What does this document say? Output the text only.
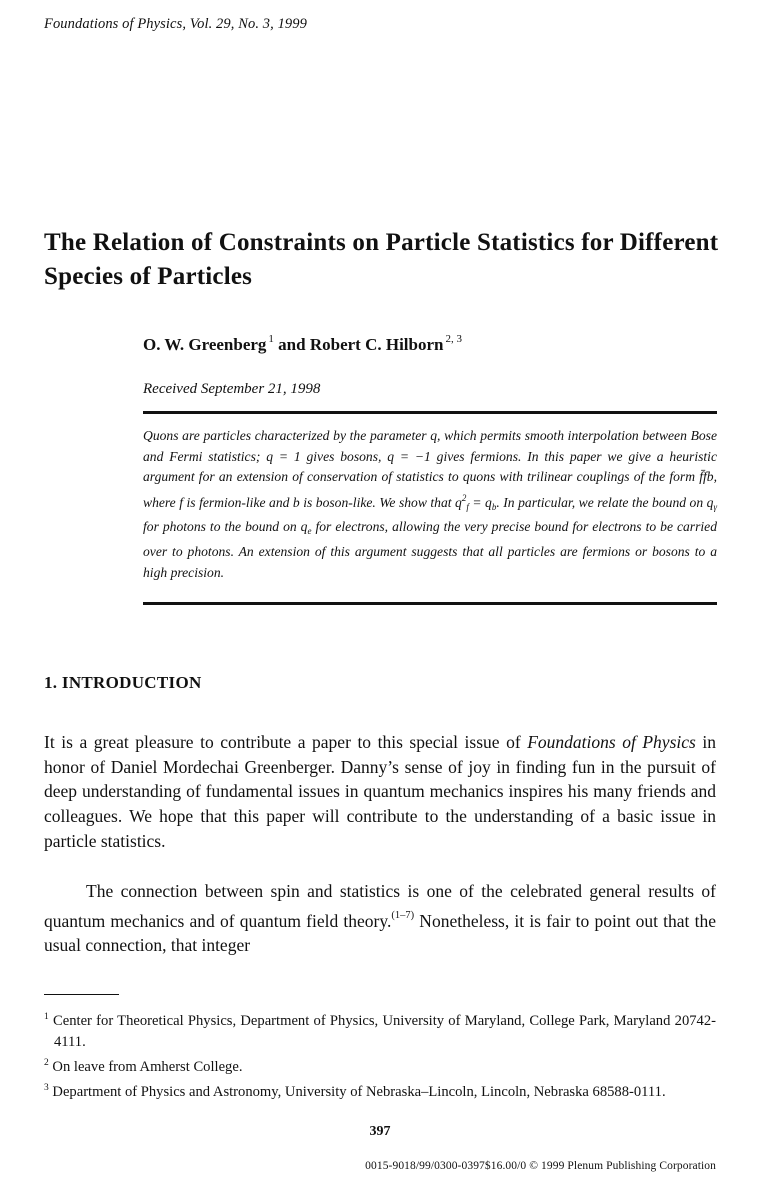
Foundations of Physics, Vol. 29, No. 3, 1999
The Relation of Constraints on Particle Statistics for Different Species of Particles
O. W. Greenberg $^1$ and Robert C. Hilborn $^{2, 3}$
Received September 21, 1998
Quons are particles characterized by the parameter q, which permits smooth interpolation between Bose and Fermi statistics; q = 1 gives bosons, q = −1 gives fermions. In this paper we give a heuristic argument for an extension of conservation of statistics to quons with trilinear couplings of the form f̄fb, where f is fermion-like and b is boson-like. We show that $q^2_f = q_b$. In particular, we relate the bound on $q_\gamma$ for photons to the bound on $q_e$ for electrons, allowing the very precise bound for electrons to be carried over to photons. An extension of this argument suggests that all particles are fermions or bosons to a high precision.
1. INTRODUCTION
It is a great pleasure to contribute a paper to this special issue of Foundations of Physics in honor of Daniel Mordechai Greenberger. Danny’s sense of joy in finding fun in the pursuit of deep understanding of fundamental issues in quantum mechanics inspires his many friends and colleagues. We hope that this paper will contribute to the understanding of a basic issue in particle statistics.
The connection between spin and statistics is one of the celebrated general results of quantum mechanics and of quantum field theory.$^{(1-7)}$ Nonetheless, it is fair to point out that the usual connection, that integer
$^1$ Center for Theoretical Physics, Department of Physics, University of Maryland, College Park, Maryland 20742-4111.
$^2$ On leave from Amherst College.
$^3$ Department of Physics and Astronomy, University of Nebraska–Lincoln, Lincoln, Nebraska 68588-0111.
397
0015-9018/99/0300-0397$16.00/0 © 1999 Plenum Publishing Corporation
